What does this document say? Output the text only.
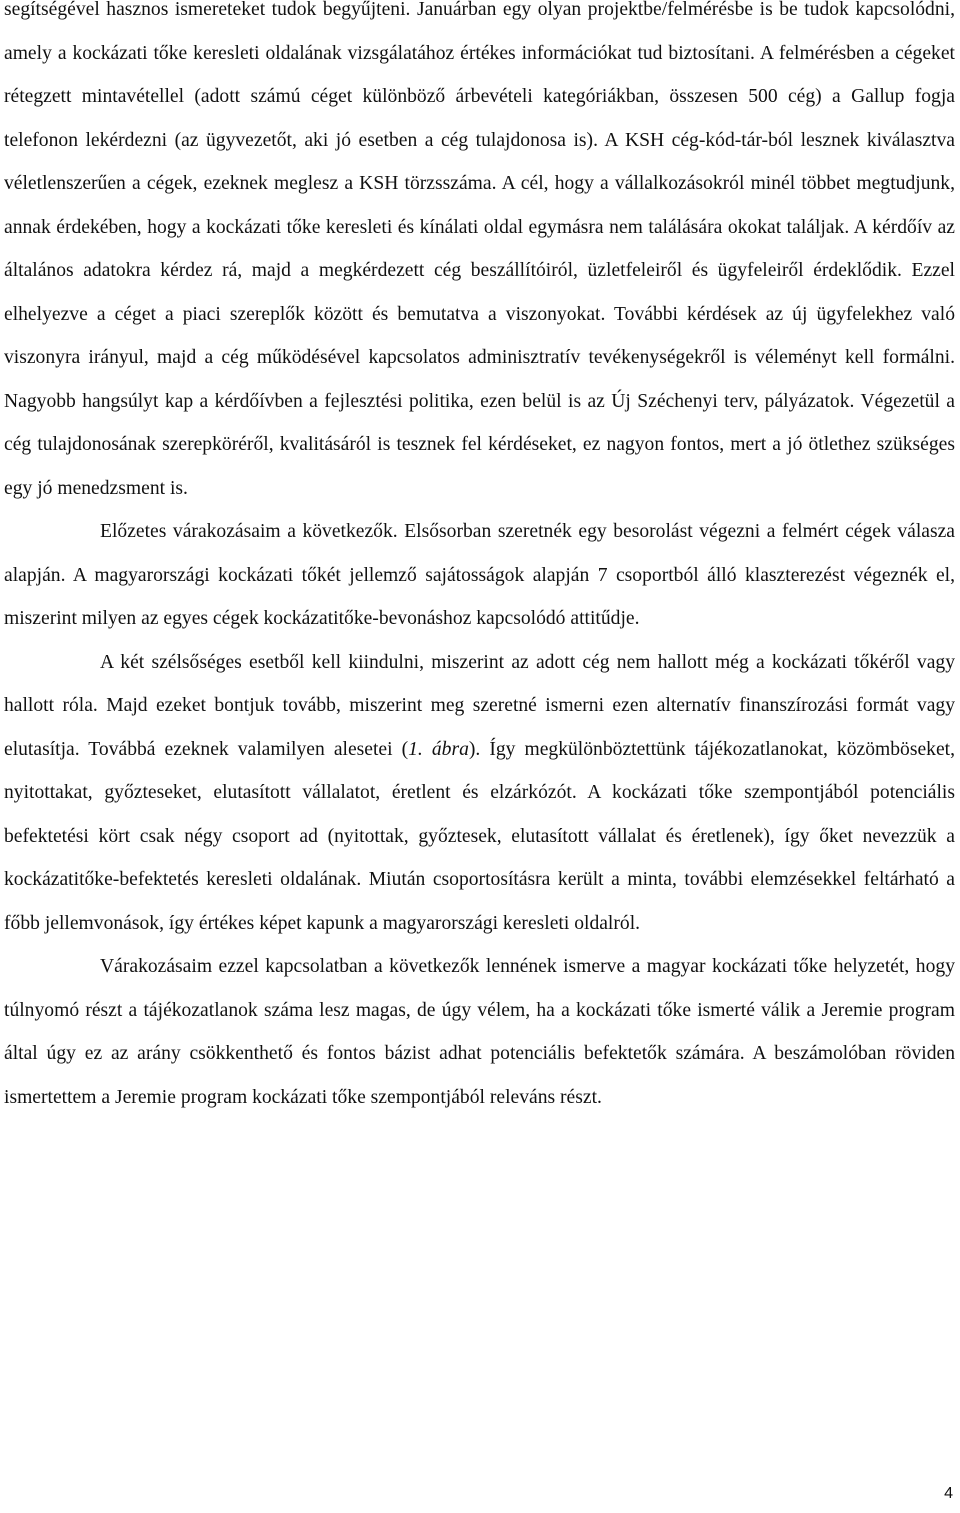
segítségével hasznos ismereteket tudok begyűjteni. Januárban egy olyan projektbe/felmérésbe is be tudok kapcsolódni, amely a kockázati tőke keresleti oldalának vizsgálatához értékes információkat tud biztosítani. A felmérésben a cégeket rétegzett mintavétellel (adott számú céget különböző árbevételi kategóriákban, összesen 500 cég) a Gallup fogja telefonon lekérdezni (az ügyvezetőt, aki jó esetben a cég tulajdonosa is). A KSH cég-kód-tár-ból lesznek kiválasztva véletlenszerűen a cégek, ezeknek meglesz a KSH törzsszáma. A cél, hogy a vállalkozásokról minél többet megtudjunk, annak érdekében, hogy a kockázati tőke keresleti és kínálati oldal egymásra nem találására okokat találjak. A kérdőív az általános adatokra kérdez rá, majd a megkérdezett cég beszállítóiról, üzletfeleiről és ügyfeleiről érdeklődik. Ezzel elhelyezve a céget a piaci szereplők között és bemutatva a viszonyokat. További kérdések az új ügyfelekhez való viszonyra irányul, majd a cég működésével kapcsolatos adminisztratív tevékenységekről is véleményt kell formálni. Nagyobb hangsúlyt kap a kérdőívben a fejlesztési politika, ezen belül is az Új Széchenyi terv, pályázatok. Végezetül a cég tulajdonosának szerepköréről, kvalitásáról is tesznek fel kérdéseket, ez nagyon fontos, mert a jó ötlethez szükséges egy jó menedzsment is.

Előzetes várakozásaim a következők. Elsősorban szeretnék egy besorolást végezni a felmért cégek válasza alapján. A magyarországi kockázati tőkét jellemző sajátosságok alapján 7 csoportból álló klaszterezést végeznék el, miszerint milyen az egyes cégek kockázatitőke-bevonáshoz kapcsolódó attitűdje.

A két szélsőséges esetből kell kiindulni, miszerint az adott cég nem hallott még a kockázati tőkéről vagy hallott róla. Majd ezeket bontjuk tovább, miszerint meg szeretné ismerni ezen alternatív finanszírozási formát vagy elutasítja. Továbbá ezeknek valamilyen alesetei (1. ábra). Így megkülönböztettünk tájékozatlanokat, közömböseket, nyitottakat, győzteseket, elutasított vállalatot, éretlent és elzárkózót. A kockázati tőke szempontjából potenciális befektetési kört csak négy csoport ad (nyitottak, győztesek, elutasított vállalat és éretlenek), így őket nevezzük a kockázatitőke-befektetés keresleti oldalának. Miután csoportosításra került a minta, további elemzésekkel feltárható a főbb jellemvonások, így értékes képet kapunk a magyarországi keresleti oldalról.

Várakozásaim ezzel kapcsolatban a következők lennének ismerve a magyar kockázati tőke helyzetét, hogy túlnyomó részt a tájékozatlanok száma lesz magas, de úgy vélem, ha a kockázati tőke ismerté válik a Jeremie program által úgy ez az arány csökkenthető és fontos bázist adhat potenciális befektetők számára. A beszámolóban röviden ismertettem a Jeremie program kockázati tőke szempontjából releváns részt.

4
